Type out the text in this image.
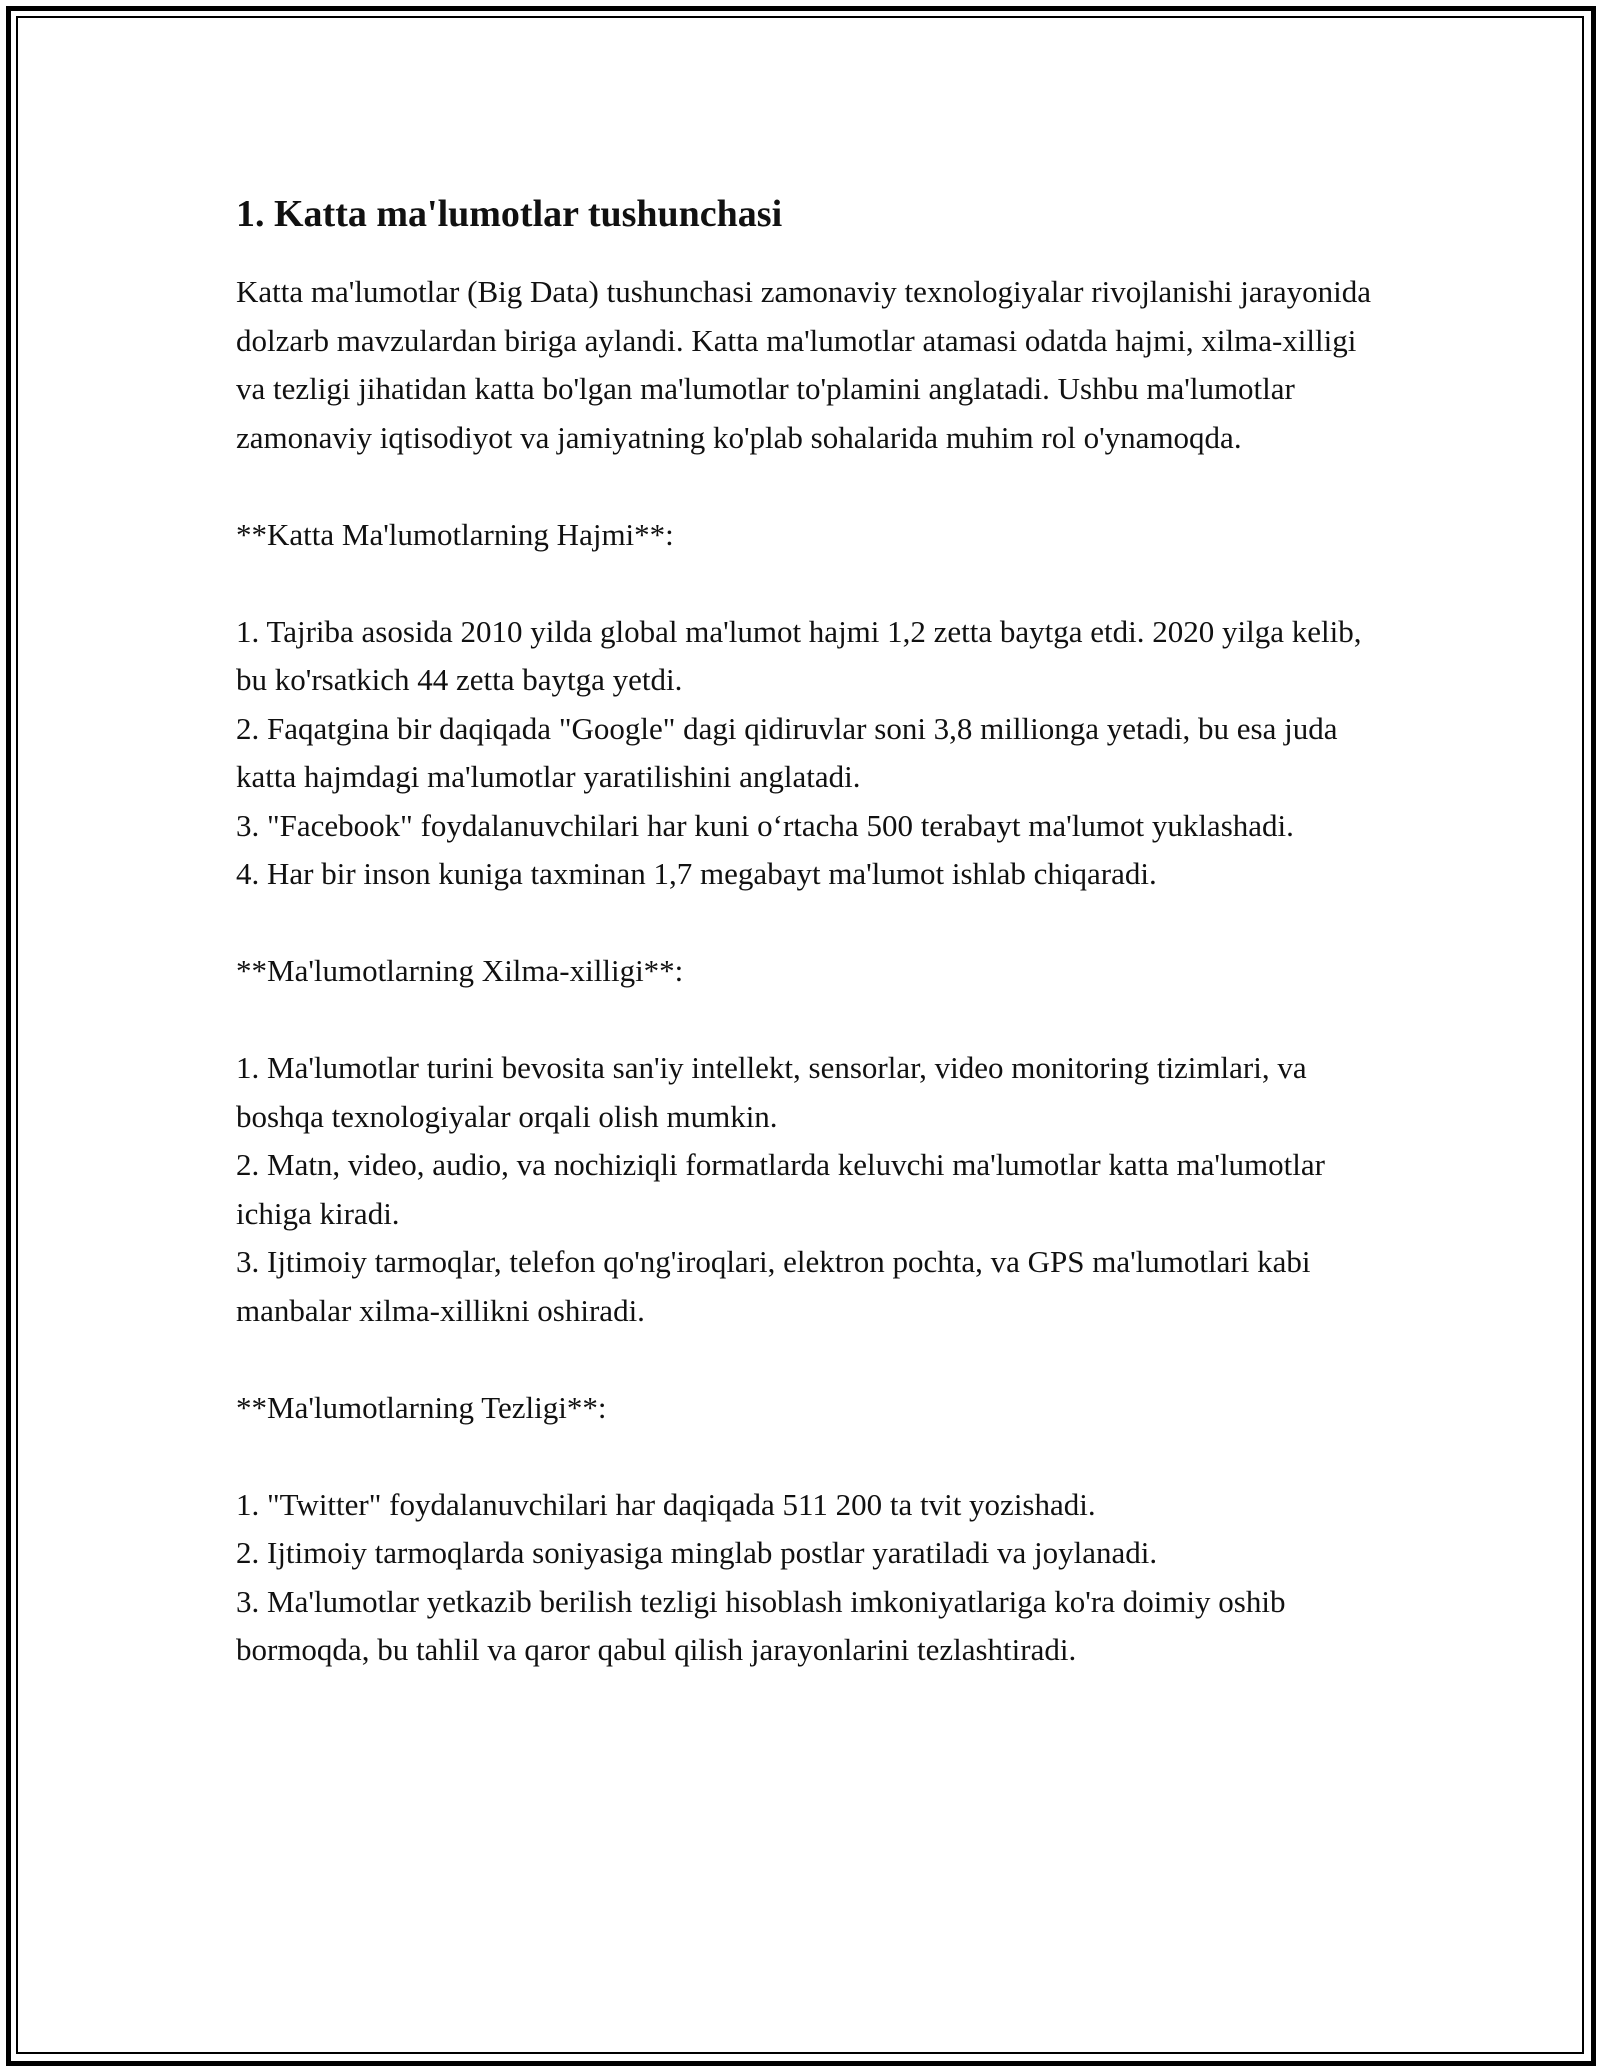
1. Katta ma'lumotlar tushunchasi

Katta ma'lumotlar (Big Data) tushunchasi zamonaviy texnologiyalar rivojlanishi jarayonida dolzarb mavzulardan biriga aylandi. Katta ma'lumotlar atamasi odatda hajmi, xilma-xilligi va tezligi jihatidan katta bo'lgan ma'lumotlar to'plamini anglatadi. Ushbu ma'lumotlar zamonaviy iqtisodiyot va jamiyatning ko'plab sohalarida muhim rol o'ynamoqda.

**Katta Ma'lumotlarning Hajmi**:

1. Tajriba asosida 2010 yilda global ma'lumot hajmi 1,2 zetta baytga etdi. 2020 yilga kelib, bu ko'rsatkich 44 zetta baytga yetdi.
2. Faqatgina bir daqiqada "Google" dagi qidiruvlar soni 3,8 millionga yetadi, bu esa juda katta hajmdagi ma'lumotlar yaratilishini anglatadi.
3. "Facebook" foydalanuvchilari har kuni o‘rtacha 500 terabayt ma'lumot yuklashadi.
4. Har bir inson kuniga taxminan 1,7 megabayt ma'lumot ishlab chiqaradi.

**Ma'lumotlarning Xilma-xilligi**:

1. Ma'lumotlar turini bevosita san'iy intellekt, sensorlar, video monitoring tizimlari, va boshqa texnologiyalar orqali olish mumkin.
2. Matn, video, audio, va nochiziqli formatlarda keluvchi ma'lumotlar katta ma'lumotlar ichiga kiradi.
3. Ijtimoiy tarmoqlar, telefon qo'ng'iroqlari, elektron pochta, va GPS ma'lumotlari kabi manbalar xilma-xillikni oshiradi.

**Ma'lumotlarning Tezligi**:

1. "Twitter" foydalanuvchilari har daqiqada 511 200 ta tvit yozishadi.
2. Ijtimoiy tarmoqlarda soniyasiga minglab postlar yaratiladi va joylanadi.
3. Ma'lumotlar yetkazib berilish tezligi hisoblash imkoniyatlariga ko'ra doimiy oshib bormoqda, bu tahlil va qaror qabul qilish jarayonlarini tezlashtiradi.
